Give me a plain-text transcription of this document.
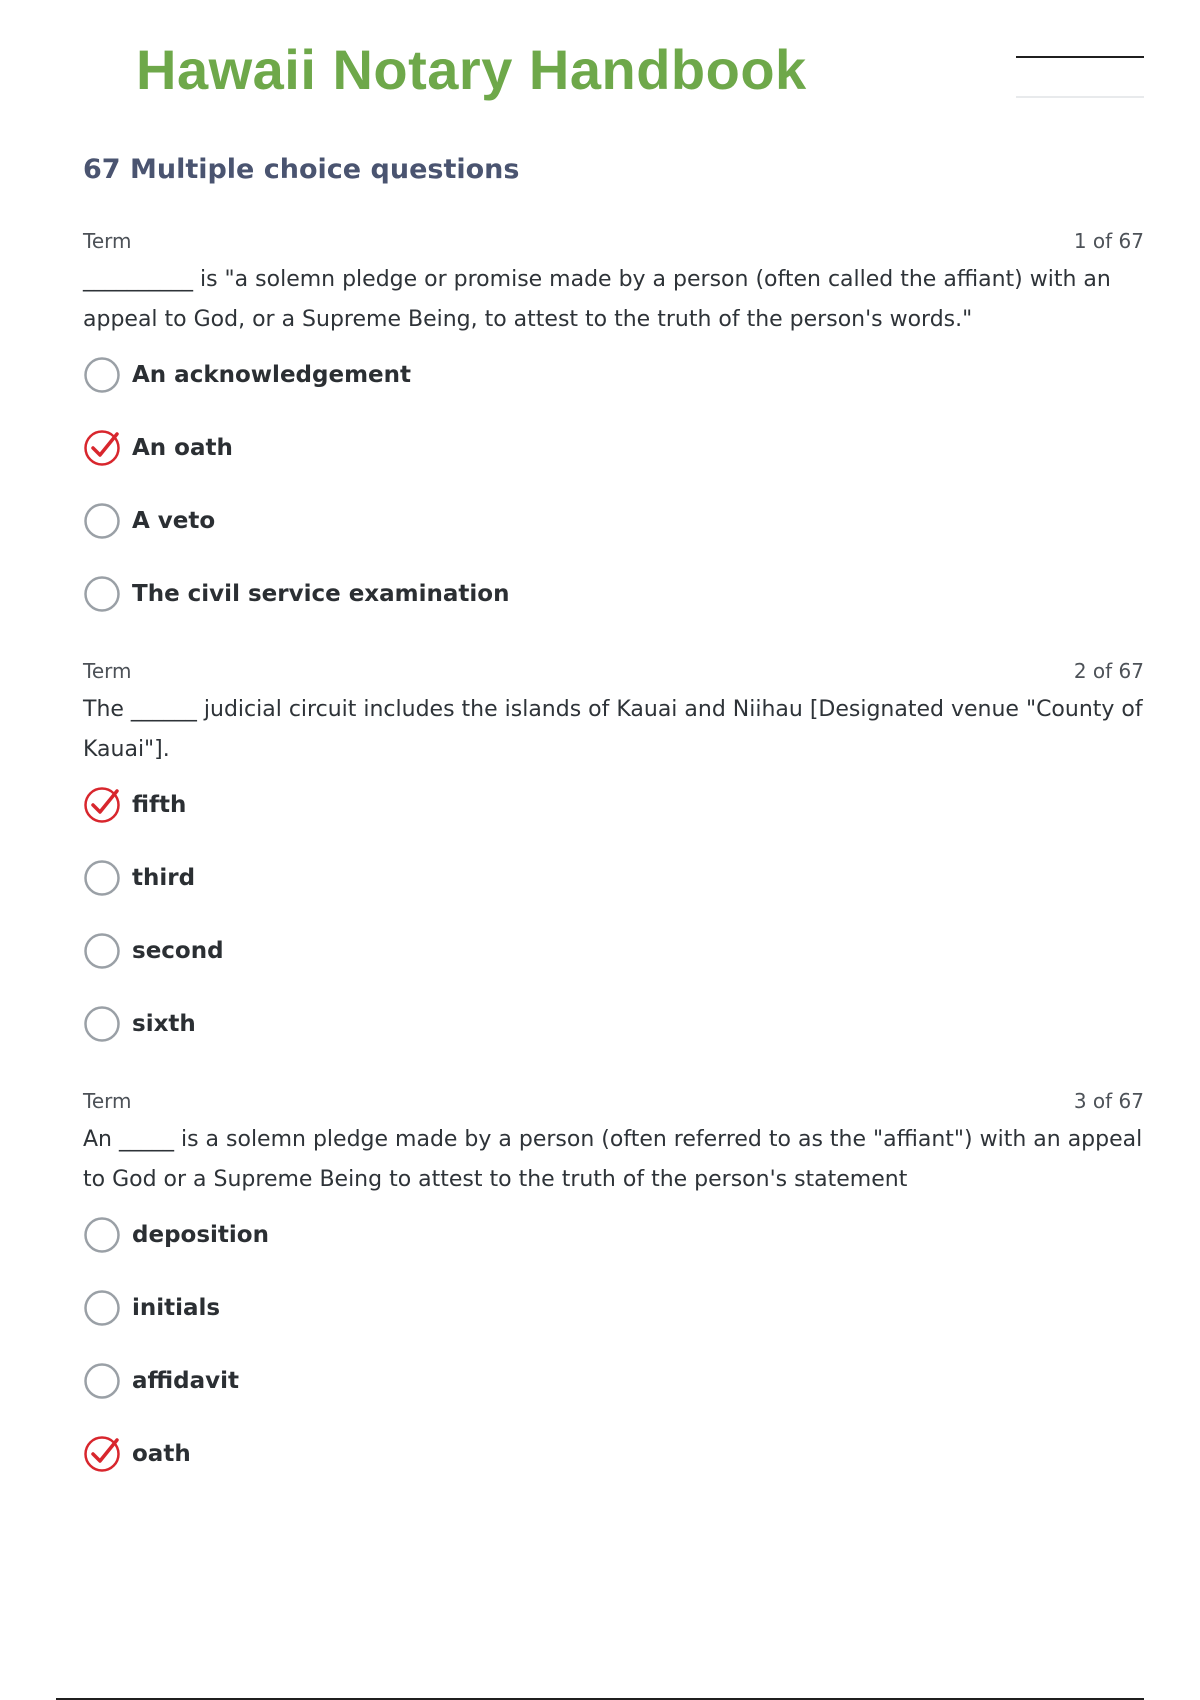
Hawaii Notary Handbook
67 Multiple choice questions
Term	1 of 67

__________ is "a solemn pledge or promise made by a person (often called the affiant) with an appeal to God, or a Supreme Being, to attest to the truth of the person's words."

An acknowledgement
An oath
A veto
The civil service examination
Term	2 of 67

The ______ judicial circuit includes the islands of Kauai and Niihau [Designated venue "County of Kauai"].

fifth
third
second
sixth
Term	3 of 67

An _____ is a solemn pledge made by a person (often referred to as the "affiant") with an appeal to God or a Supreme Being to attest to the truth of the person's statement

deposition
initials
affidavit
oath
